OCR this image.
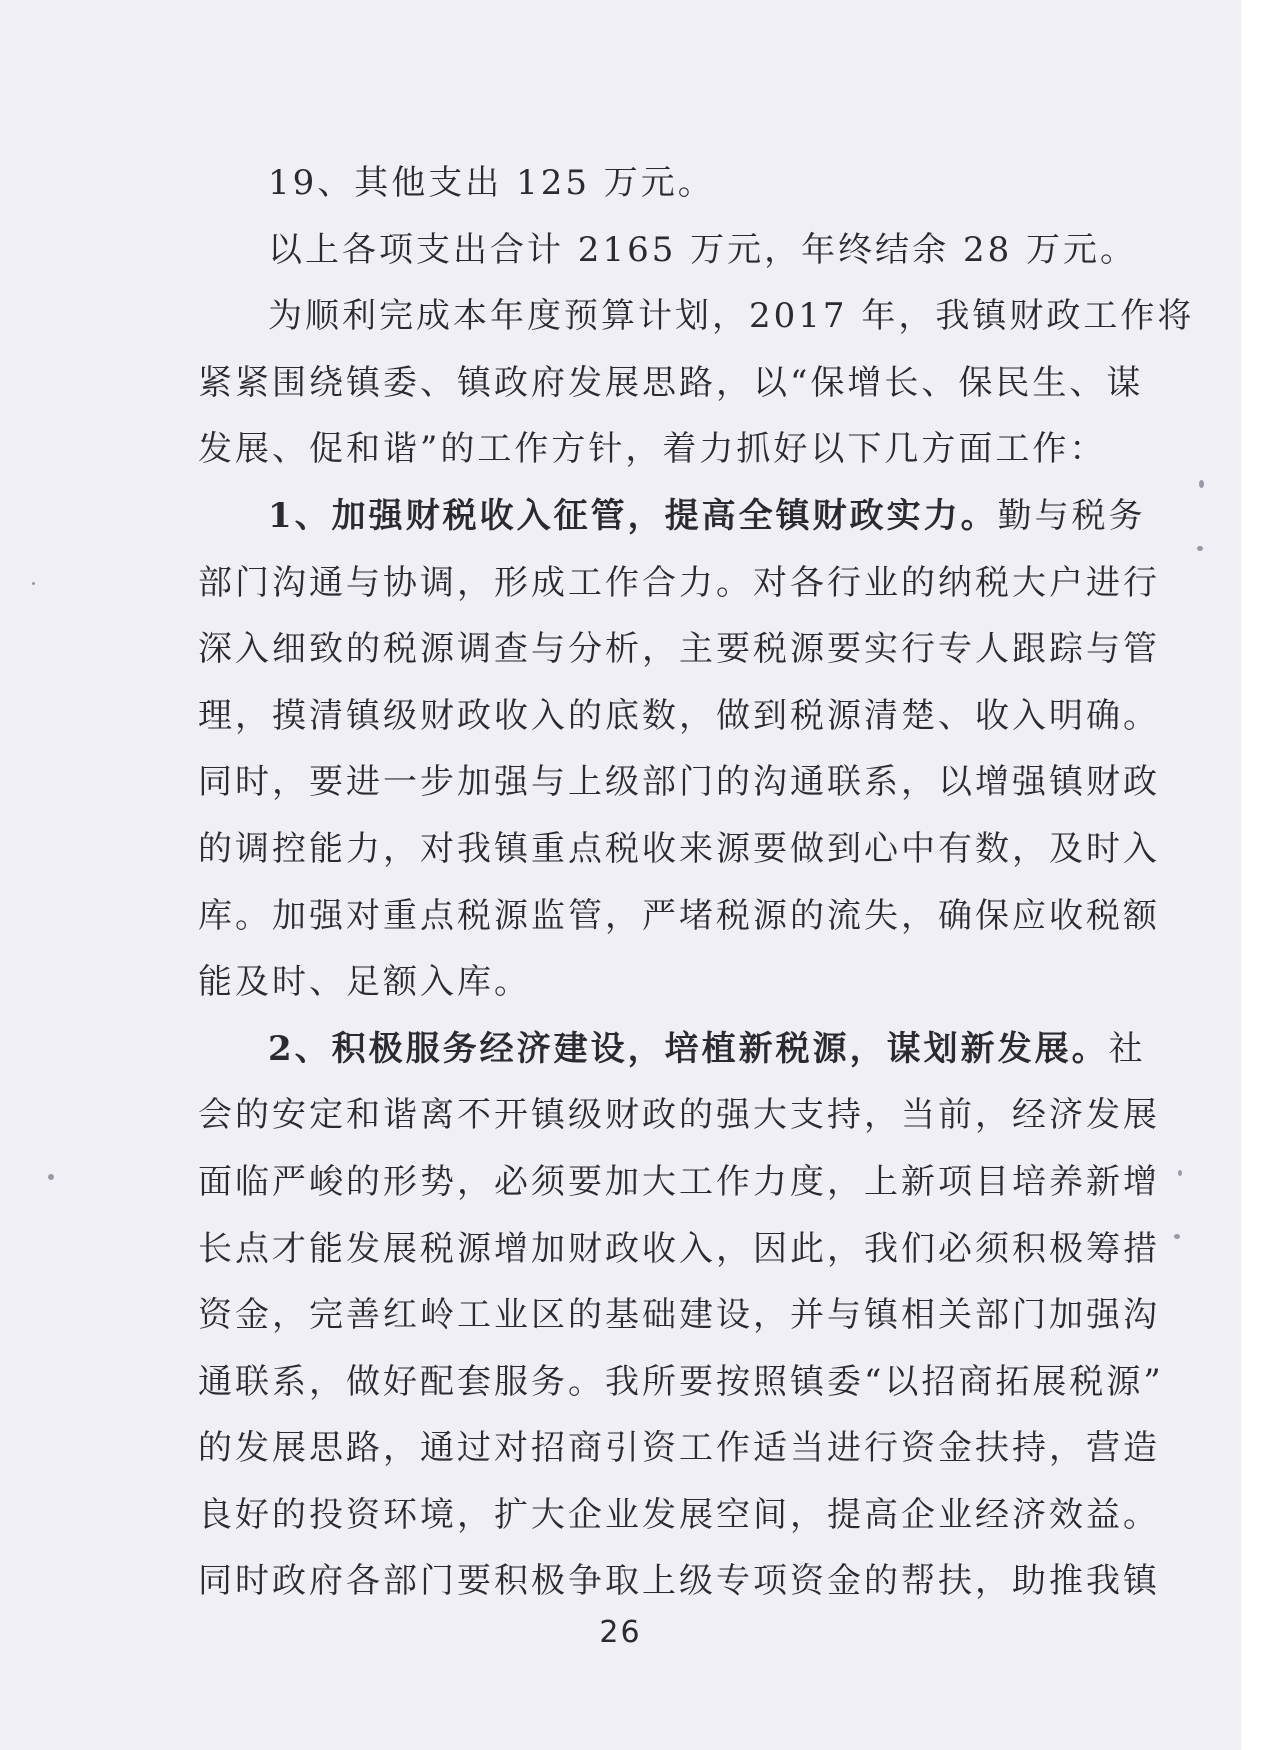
19、其他支出 125 万元。
以上各项支出合计 2165 万元，年终结余 28 万元。
为顺利完成本年度预算计划，2017 年，我镇财政工作将
紧紧围绕镇委、镇政府发展思路，以“保增长、保民生、谋
发展、促和谐”的工作方针，着力抓好以下几方面工作：
1、加强财税收入征管，提高全镇财政实力。勤与税务
部门沟通与协调，形成工作合力。对各行业的纳税大户进行
深入细致的税源调查与分析，主要税源要实行专人跟踪与管
理，摸清镇级财政收入的底数，做到税源清楚、收入明确。
同时，要进一步加强与上级部门的沟通联系，以增强镇财政
的调控能力，对我镇重点税收来源要做到心中有数，及时入
库。加强对重点税源监管，严堵税源的流失，确保应收税额
能及时、足额入库。
2、积极服务经济建设，培植新税源，谋划新发展。社
会的安定和谐离不开镇级财政的强大支持，当前，经济发展
面临严峻的形势，必须要加大工作力度，上新项目培养新增
长点才能发展税源增加财政收入，因此，我们必须积极筹措
资金，完善红岭工业区的基础建设，并与镇相关部门加强沟
通联系，做好配套服务。我所要按照镇委“以招商拓展税源”
的发展思路，通过对招商引资工作适当进行资金扶持，营造
良好的投资环境，扩大企业发展空间，提高企业经济效益。
同时政府各部门要积极争取上级专项资金的帮扶，助推我镇
26
